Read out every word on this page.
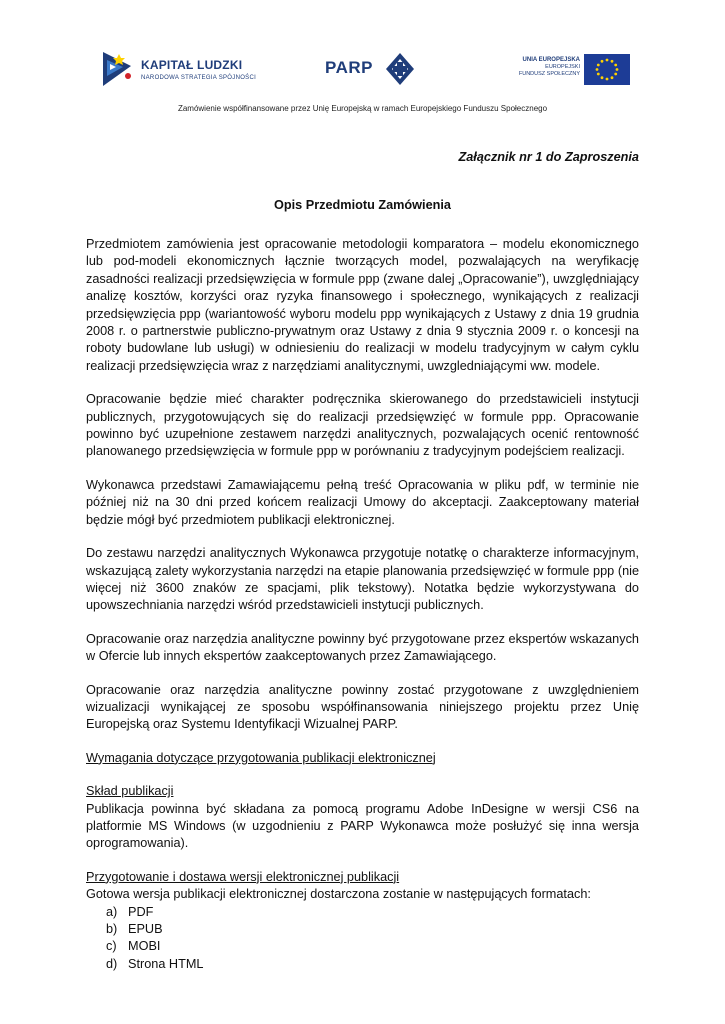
KAPITAŁ LUDZKI
NARODOWA STRATEGIA SPÓJNOŚCI
PARP	UNIA EUROPEJSKA
EUROPEJSKI
FUNDUSZ SPOŁECZNY
Zamówienie współfinansowane przez Unię Europejską w ramach Europejskiego Funduszu Społecznego
Załącznik nr 1 do Zaproszenia
Opis Przedmiotu Zamówienia

Przedmiotem zamówienia jest opracowanie metodologii komparatora – modelu ekonomicznego lub pod-modeli ekonomicznych łącznie tworzących model, pozwalających na weryfikację zasadności realizacji przedsięwzięcia w formule ppp (zwane dalej „Opracowanie”), uwzględniający analizę kosztów, korzyści oraz ryzyka finansowego i społecznego, wynikających z realizacji przedsięwzięcia ppp (wariantowość wyboru modelu ppp wynikających z Ustawy z dnia 19 grudnia 2008 r. o partnerstwie publiczno-prywatnym oraz Ustawy z dnia 9 stycznia 2009 r. o koncesji na roboty budowlane lub usługi) w odniesieniu do realizacji w modelu tradycyjnym w całym cyklu realizacji przedsięwzięcia wraz z narzędziami analitycznymi, uwzgledniającymi ww. modele.

Opracowanie będzie mieć charakter podręcznika skierowanego do przedstawicieli instytucji publicznych, przygotowujących się do realizacji przedsięwzięć w formule ppp. Opracowanie powinno być uzupełnione zestawem narzędzi analitycznych, pozwalających ocenić rentowność planowanego przedsięwzięcia w formule ppp w porównaniu z tradycyjnym podejściem realizacji.

Wykonawca przedstawi Zamawiającemu pełną treść Opracowania w pliku pdf, w terminie nie później niż na 30 dni przed końcem realizacji Umowy do akceptacji. Zaakceptowany materiał będzie mógł być przedmiotem publikacji elektronicznej.

Do zestawu narzędzi analitycznych Wykonawca przygotuje notatkę o charakterze informacyjnym, wskazującą zalety wykorzystania narzędzi na etapie planowania przedsięwzięć w formule ppp (nie więcej niż 3600 znaków ze spacjami, plik tekstowy). Notatka będzie wykorzystywana do upowszechniania narzędzi wśród przedstawicieli instytucji publicznych.

Opracowanie oraz narzędzia analityczne powinny być przygotowane przez ekspertów wskazanych w Ofercie lub innych ekspertów zaakceptowanych przez Zamawiającego.

Opracowanie oraz narzędzia analityczne powinny zostać przygotowane z uwzględnieniem wizualizacji wynikającej ze sposobu współfinansowania niniejszego projektu przez Unię Europejską oraz Systemu Identyfikacji Wizualnej PARP.

Wymagania dotyczące przygotowania publikacji elektronicznej

Skład publikacji

Publikacja powinna być składana za pomocą programu Adobe InDesigne w wersji CS6 na platformie MS Windows (w uzgodnieniu z PARP Wykonawca może posłużyć się inna wersja oprogramowania).

Przygotowanie i dostawa wersji elektronicznej publikacji

Gotowa wersja publikacji elektronicznej dostarczona zostanie w następujących formatach:

a) PDF
b) EPUB
c) MOBI
d) Strona HTML
